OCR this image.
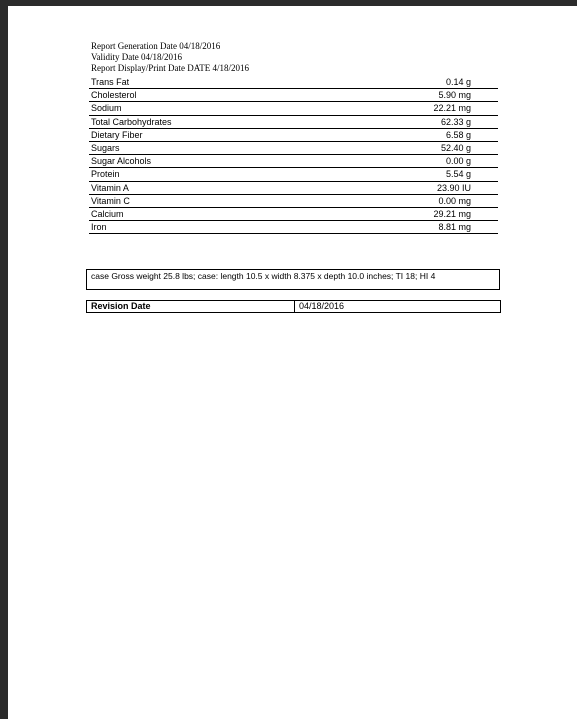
Report Generation Date 04/18/2016
Validity Date 04/18/2016
Report Display/Print Date DATE 4/18/2016
Trans Fat	0.14 g
Cholesterol	5.90 mg
Sodium	22.21 mg
Total Carbohydrates	62.33 g
Dietary Fiber	6.58 g
Sugars	52.40 g
Sugar Alcohols	0.00 g
Protein	5.54 g
Vitamin A	23.90 IU
Vitamin C	0.00 mg
Calcium	29.21 mg
Iron	8.81 mg
case Gross weight 25.8 lbs; case: length 10.5 x width 8.375 x depth 10.0 inches; TI 18; HI 4
Revision Date	04/18/2016
